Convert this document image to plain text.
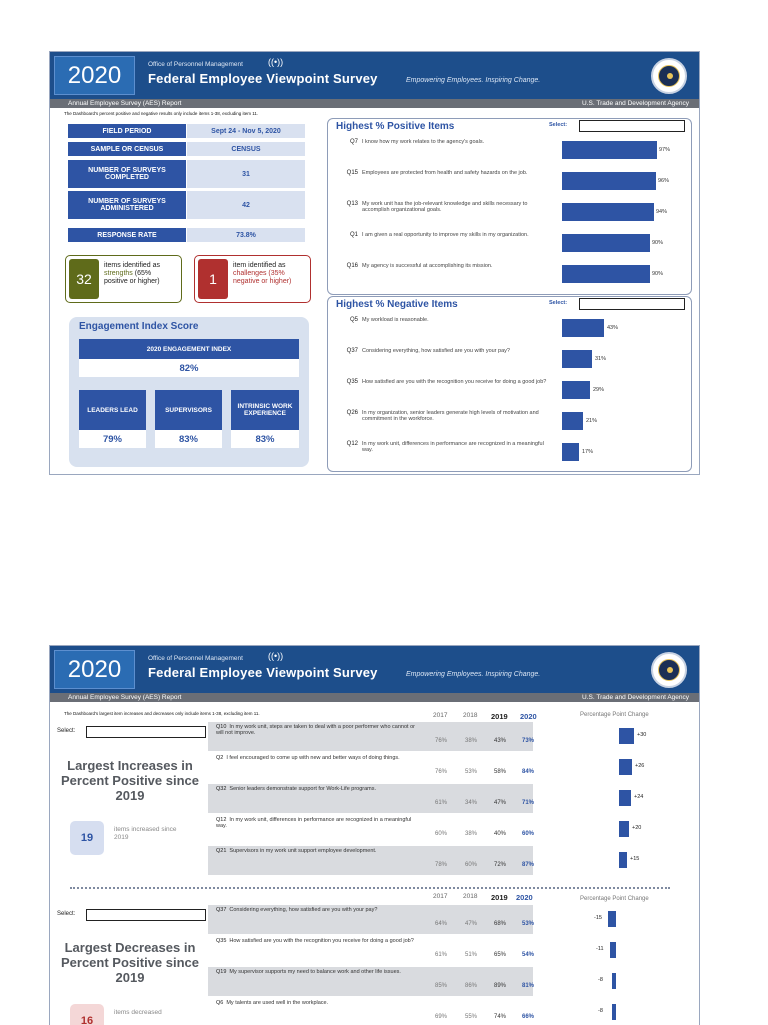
2020	Office of Personnel Management	((•))
Federal Employee Viewpoint Survey	Empowering Employees. Inspiring Change.
Annual Employee Survey (AES) Report	U.S. Trade and Development Agency
The Dashboard's percent positive and negative results only include items 1-38, excluding item 11.
FIELD PERIOD	Sept 24 - Nov 5, 2020
SAMPLE OR CENSUS	CENSUS
NUMBER OF SURVEYS COMPLETED	31
NUMBER OF SURVEYS ADMINISTERED	42
RESPONSE RATE	73.8%
32
items identified as strengths (65% positive or higher)	1
item identified as challenges (35% negative or higher)
Engagement Index Score
2020 ENGAGEMENT INDEX
82%
LEADERS LEAD
79%
SUPERVISORS
83%
INTRINSIC WORK EXPERIENCE
83%
Highest % Positive Items	Select:
Q7 I know how my work relates to the agency's goals.
97%
Q15 Employees are protected from health and safety hazards on the job.
96%
Q13 My work unit has the job-relevant knowledge and skills necessary to accomplish organizational goals.	94%
Q1 I am given a real opportunity to improve my skills in my organization.
90%
Q16 My agency is successful at accomplishing its mission.
90%
Highest % Negative Items	Select:
Q5 My workload is reasonable.
43%
Q37 Considering everything, how satisfied are you with your pay?
31%
Q35 How satisfied are you with the recognition you receive for doing a good job?
29%
Q26 In my organization, senior leaders generate high levels of motivation and commitment in the workforce.	21%
Q12 In my work unit, differences in performance are recognized in a meaningful way.	17%
2020	Office of Personnel Management	((•))
Federal Employee Viewpoint Survey	Empowering Employees. Inspiring Change.
Annual Employee Survey (AES) Report	U.S. Trade and Development Agency
The Dashboard's largest item increases and decreases only include items 1-38, excluding item 11.
Select:
Largest Increases in Percent Positive since 2019
19
items increased since 2019
2017 2018 2019 2020	Percentage Point Change
Q10 In my work unit, steps are taken to deal with a poor performer who cannot or will not improve.
76%	38%	43%	73%
+30
Q2 I feel encouraged to come up with new and better ways of doing things.
76%	53%	58%	84%
+26
Q32 Senior leaders demonstrate support for Work-Life programs.
61%	34%	47%	71%
+24
Q12 In my work unit, differences in performance are recognized in a meaningful way.
60%	38%	40%	60%
+20
Q21 Supervisors in my work unit support employee development.
78%	60%	72%	87%
+15
Select:
Largest Decreases in Percent Positive since 2019
16
items decreased
2017 2018 2019 2020	Percentage Point Change
Q37 Considering everything, how satisfied are you with your pay?
64%	47%	68%	53%
-15
Q35 How satisfied are you with the recognition you receive for doing a good job?
61%	51%	65%	54%
-11
Q19 My supervisor supports my need to balance work and other life issues.
85%	86%	89%	81%
-8
Q6 My talents are used well in the workplace.
69%	55%	74%	66%
-8
